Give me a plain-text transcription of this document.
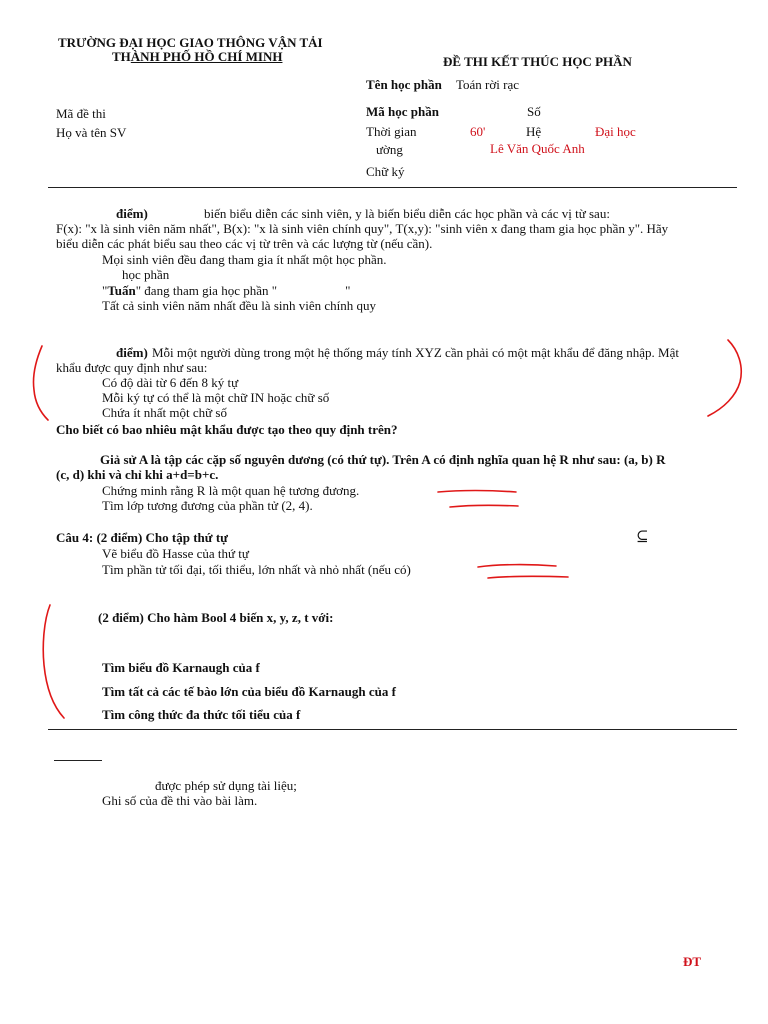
TRƯỜNG ĐẠI HỌC GIAO THÔNG VẬN TẢI
THÀNH PHỐ HỒ CHÍ MINH	ĐỀ THI KẾT THÚC HỌC PHẦN
Tên học phần Toán rời rạc
Mã đề thi	Mã học phần	Số
Họ và tên SV	Thời gian	60'	Hệ	Đại học
ường	Lê Văn Quốc Anh
Chữ ký
điểm)	biến biểu diễn các sinh viên, y là biến biểu diễn các học phần và các vị từ sau:
F(x): "x là sinh viên năm nhất", B(x): "x là sinh viên chính quy", T(x,y): "sinh viên x đang tham gia học phần y". Hãy
biểu diễn các phát biểu sau theo các vị từ trên và các lượng từ (nếu cần).
Mọi sinh viên đều đang tham gia ít nhất một học phần.
học phần
"Tuấn" đang tham gia học phần "	"
Tất cả sinh viên năm nhất đều là sinh viên chính quy
điểm) Mỗi một người dùng trong một hệ thống máy tính XYZ cần phải có một mật khẩu để đăng nhập. Mật
khẩu được quy định như sau:
Có độ dài từ 6 đến 8 ký tự
Mỗi ký tự có thể là một chữ IN hoặc chữ số
Chứa ít nhất một chữ số
Cho biết có bao nhiêu mật khẩu được tạo theo quy định trên?
Giả sử A là tập các cặp số nguyên dương (có thứ tự). Trên A có định nghĩa quan hệ R như sau: (a, b) R
(c, d) khi và chỉ khi a+d=b+c.
Chứng minh rằng R là một quan hệ tương đương.
Tìm lớp tương đương của phần tử (2, 4).
Câu 4: (2 điểm) Cho tập thứ tự	⊆
Vẽ biểu đồ Hasse của thứ tự
Tìm phần tử tối đại, tối thiểu, lớn nhất và nhỏ nhất (nếu có)
(2 điểm) Cho hàm Bool 4 biến x, y, z, t với:
Tìm biểu đồ Karnaugh của f
Tìm tất cả các tế bào lớn của biểu đồ Karnaugh của f
Tìm công thức đa thức tối tiểu của f
được phép sử dụng tài liệu;
Ghi số của đề thi vào bài làm.
ĐT
